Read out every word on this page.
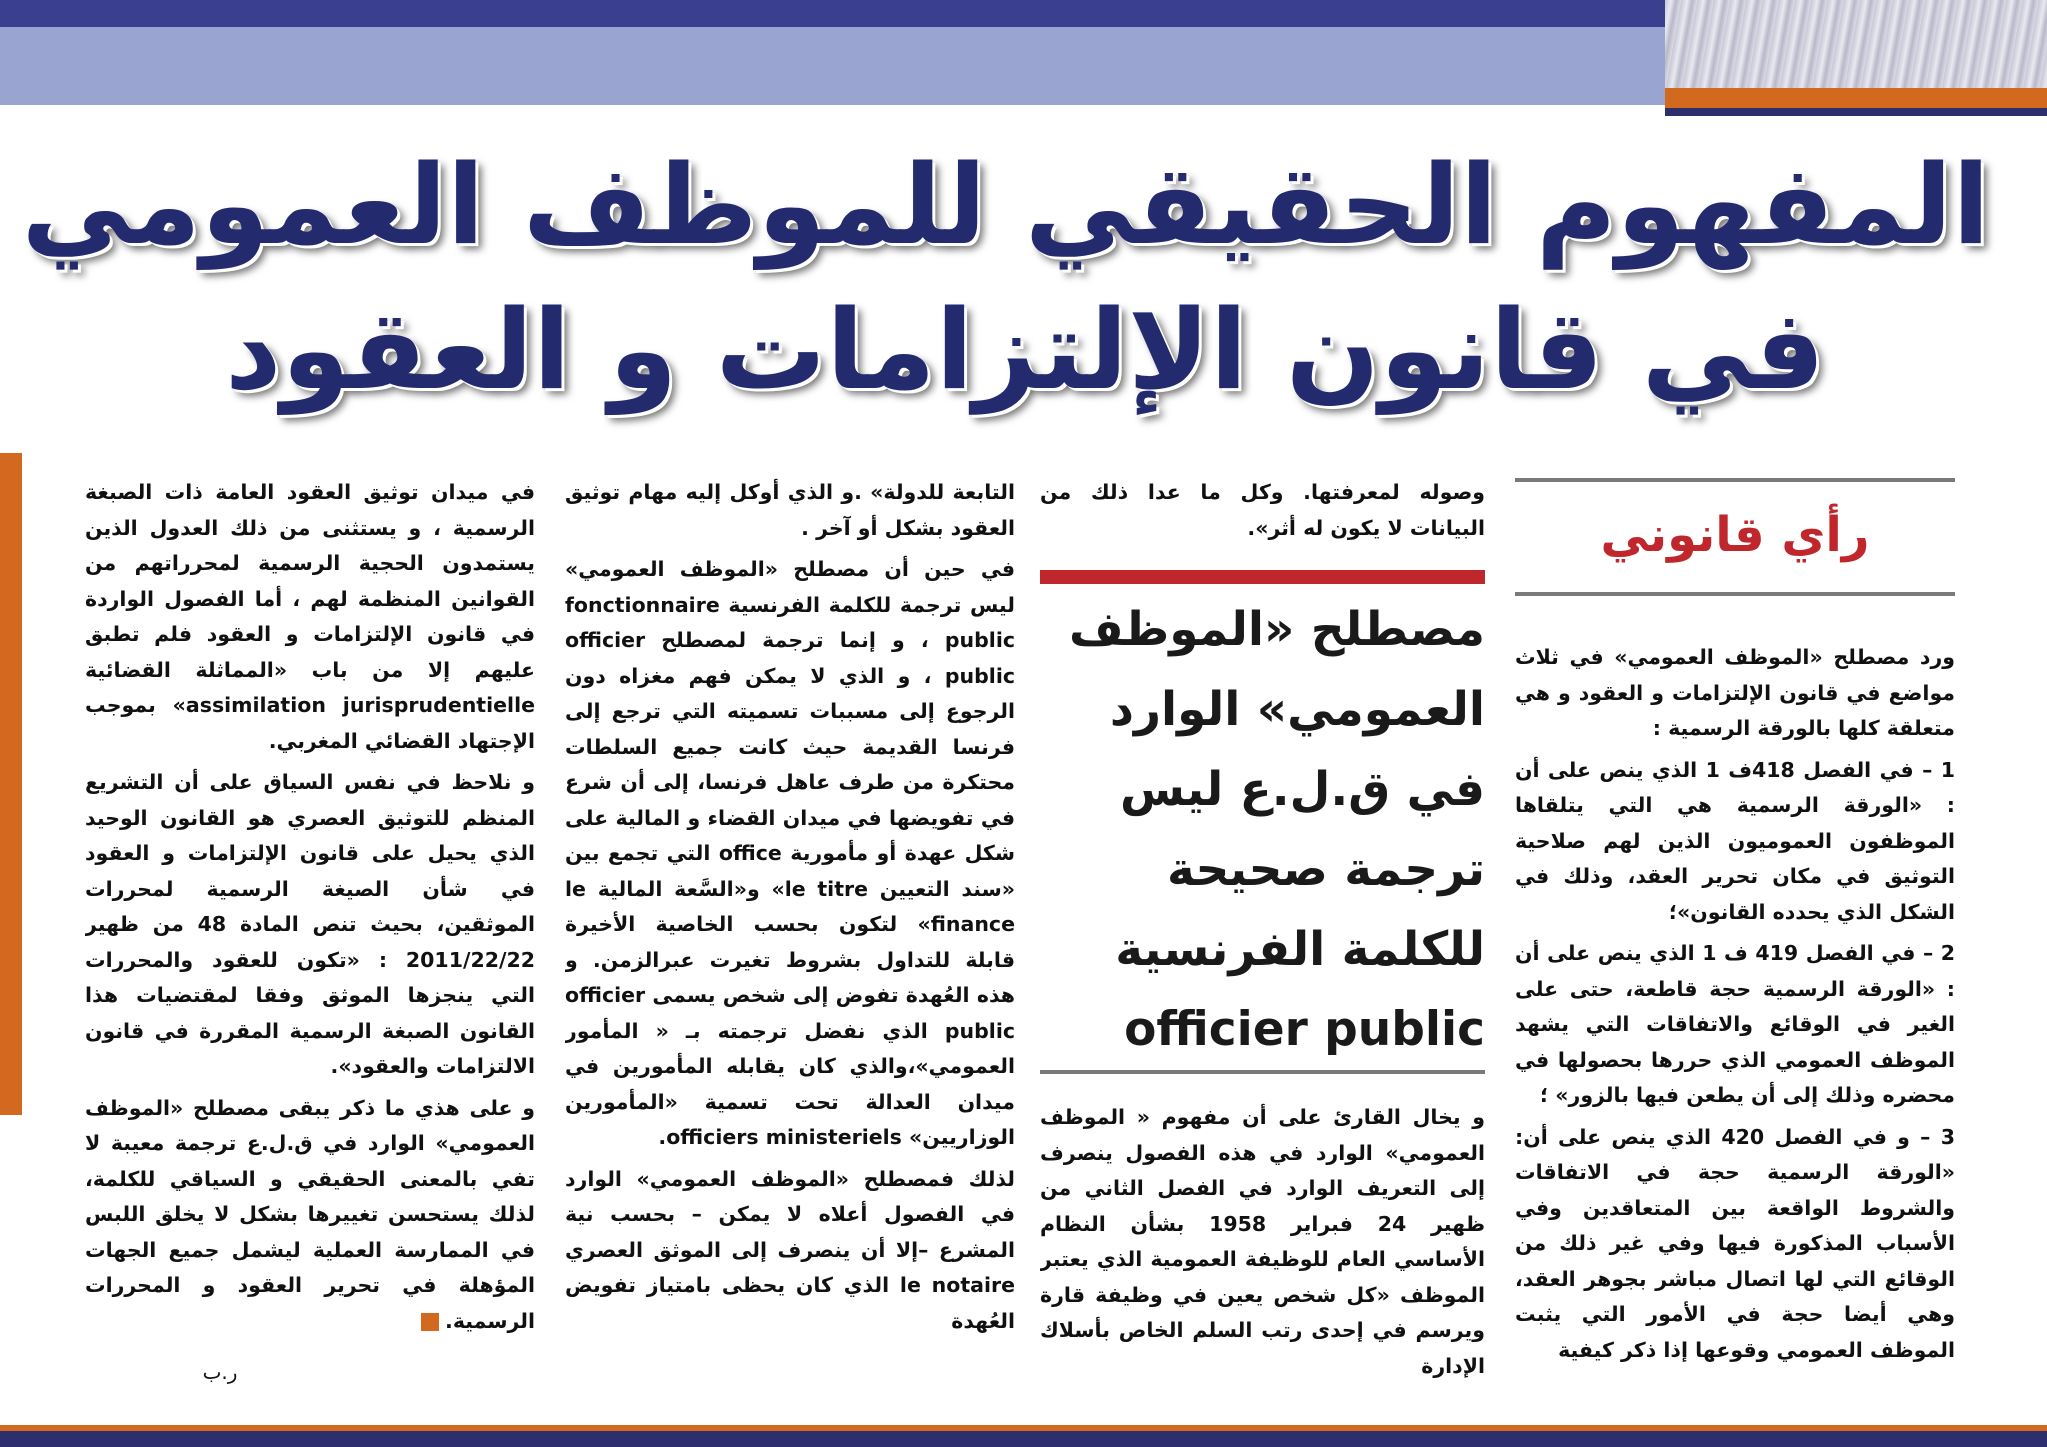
المفهوم الحقيقي للموظف العمومي
في قانون الإلتزامات و العقود
رأي قانوني

ورد مصطلح «الموظف العمومي» في ثلاث مواضع في قانون الإلتزامات و العقود و هي متعلقة كلها بالورقة الرسمية :

1 – في الفصل 418ف 1 الذي ينص على أن : «الورقة الرسمية هي التي يتلقاها الموظفون العموميون الذين لهم صلاحية التوثيق في مكان تحرير العقد، وذلك في الشكل الذي يحدده القانون»؛

2 – في الفصل 419 ف 1 الذي ينص على أن : «الورقة الرسمية حجة قاطعة، حتى على الغير في الوقائع والاتفاقات التي يشهد الموظف العمومي الذي حررها بحصولها في محضره وذلك إلى أن يطعن فيها بالزور» ؛

3 – و في الفصل 420 الذي ينص على أن: «الورقة الرسمية حجة في الاتفاقات والشروط الواقعة بين المتعاقدين وفي الأسباب المذكورة فيها وفي غير ذلك من الوقائع التي لها اتصال مباشر بجوهر العقد، وهي أيضا حجة في الأمور التي يثبت الموظف العمومي وقوعها إذا ذكر كيفية

وصوله لمعرفتها. وكل ما عدا ذلك من البيانات لا يكون له أثر».

مصطلح «الموظف العمومي» الوارد في ق.ل.ع ليس ترجمة صحيحة للكلمة الفرنسية
officier public

و يخال القارئ على أن مفهوم « الموظف العمومي» الوارد في هذه الفصول ينصرف إلى التعريف الوارد في الفصل الثاني من ظهير 24 فبراير 1958 بشأن النظام الأساسي العام للوظيفة العمومية الذي يعتبر الموظف «كل شخص يعين في وظيفة قارة ويرسم في إحدى رتب السلم الخاص بأسلاك الإدارة

التابعة للدولة» .و الذي أوكل إليه مهام توثيق العقود بشكل أو آخر .

في حين أن مصطلح «الموظف العمومي» ليس ترجمة للكلمة الفرنسية fonctionnaire public ، و إنما ترجمة لمصطلح officier public ، و الذي لا يمكن فهم مغزاه دون الرجوع إلى مسببات تسميته التي ترجع إلى فرنسا القديمة حيث كانت جميع السلطات محتكرة من طرف عاهل فرنسا، إلى أن شرع في تفويضها في ميدان القضاء و المالية على شكل عهدة أو مأمورية office التي تجمع بين «سند التعيين le titre» و«السَّعة المالية le finance» لتكون بحسب الخاصية الأخيرة قابلة للتداول بشروط تغيرت عبرالزمن. و هذه العُهدة تفوض إلى شخص يسمى officier public الذي نفضل ترجمته بـ « المأمور العمومي»،والذي كان يقابله المأمورين في ميدان العدالة تحت تسمية «المأمورين الوزاريين» officiers ministeriels.

لذلك فمصطلح «الموظف العمومي» الوارد في الفصول أعلاه لا يمكن – بحسب نية المشرع –إلا أن ينصرف إلى الموثق العصري le notaire الذي كان يحظى بامتياز تفويض العُهدة

في ميدان توثيق العقود العامة ذات الصبغة الرسمية ، و يستثنى من ذلك العدول الذين يستمدون الحجية الرسمية لمحرراتهم من القوانين المنظمة لهم ، أما الفصول الواردة في قانون الإلتزامات و العقود فلم تطبق عليهم إلا من باب «المماثلة القضائية assimilation jurisprudentielle» بموجب الإجتهاد القضائي المغربي.

و نلاحظ في نفس السياق على أن التشريع المنظم للتوثيق العصري هو القانون الوحيد الذي يحيل على قانون الإلتزامات و العقود في شأن الصيغة الرسمية لمحررات الموثقين، بحيث تنص المادة 48 من ظهير 2011/22/22 : «تكون للعقود والمحررات التي ينجزها الموثق وفقا لمقتضيات هذا القانون الصبغة الرسمية المقررة في قانون الالتزامات والعقود».

و على هذي ما ذكر يبقى مصطلح «الموظف العمومي» الوارد في ق.ل.ع ترجمة معيبة لا تفي بالمعنى الحقيقي و السياقي للكلمة، لذلك يستحسن تغييرها بشكل لا يخلق اللبس في الممارسة العملية ليشمل جميع الجهات المؤهلة في تحرير العقود و المحررات الرسمية.

ر.ب
